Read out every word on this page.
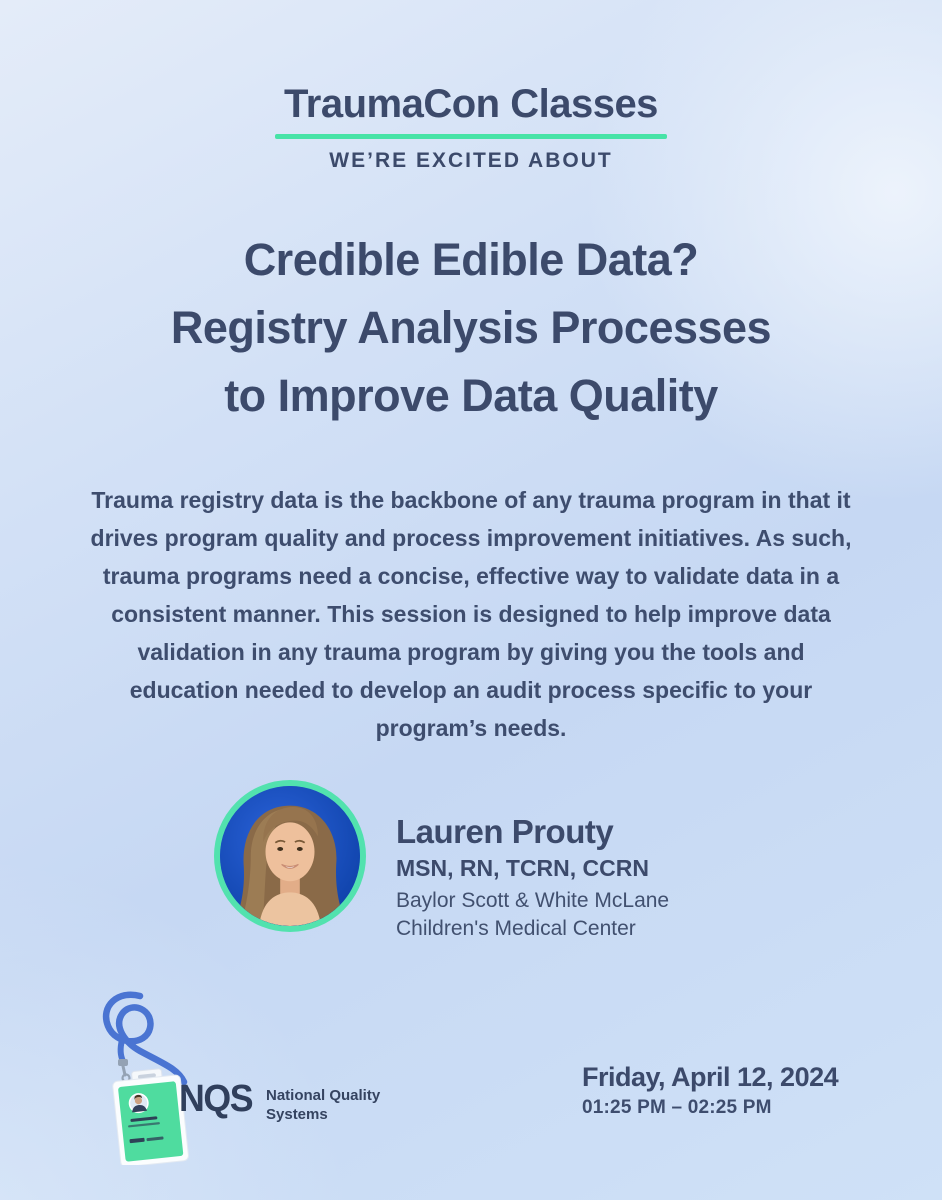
TraumaCon Classes
WE’RE EXCITED ABOUT
Credible Edible Data?
Registry Analysis Processes
to Improve Data Quality

Trauma registry data is the backbone of any trauma program in that it drives program quality and process improvement initiatives. As such, trauma programs need a concise, effective way to validate data in a consistent manner. This session is designed to help improve data validation in any trauma program by giving you the tools and education needed to develop an audit process specific to your program’s needs.

Lauren Prouty
MSN, RN, TCRN, CCRN
Baylor Scott & White McLane
Children's Medical Center
NQS National Quality
Systems
Friday, April 12, 2024
01:25 PM – 02:25 PM
